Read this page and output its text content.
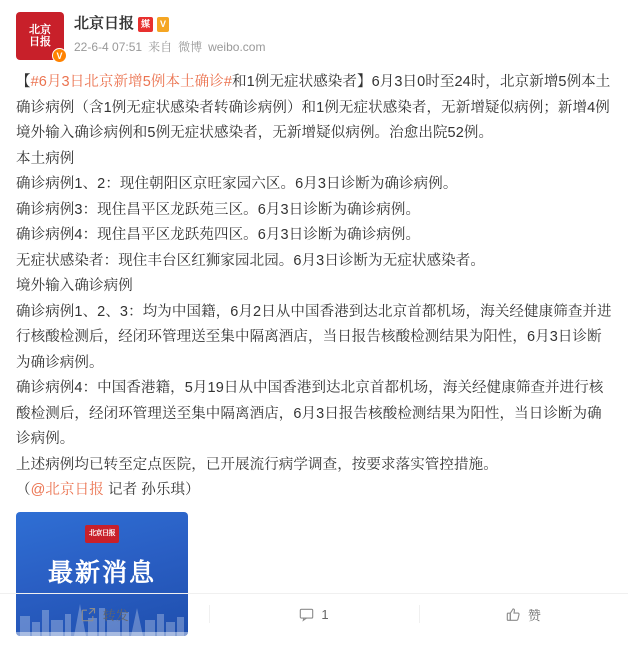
北京日报
V
北京日报 媒	V
22-6-4 07:51 来自 微博 weibo.com

【#6月3日北京新增5例本土确诊#和1例无症状感染者】6月3日0时至24时，北京新增5例本土确诊病例（含1例无症状感染者转确诊病例）和1例无症状感染者，无新增疑似病例；新增4例境外输入确诊病例和5例无症状感染者，无新增疑似病例。治愈出院52例。

本土病例

确诊病例1、2：现住朝阳区京旺家园六区。6月3日诊断为确诊病例。

确诊病例3：现住昌平区龙跃苑三区。6月3日诊断为确诊病例。

确诊病例4：现住昌平区龙跃苑四区。6月3日诊断为确诊病例。

无症状感染者：现住丰台区红狮家园北园。6月3日诊断为无症状感染者。

境外输入确诊病例

确诊病例1、2、3：均为中国籍，6月2日从中国香港到达北京首都机场，海关经健康筛查并进行核酸检测后，经闭环管理送至集中隔离酒店，当日报告核酸检测结果为阳性，6月3日诊断为确诊病例。

确诊病例4：中国香港籍，5月19日从中国香港到达北京首都机场，海关经健康筛查并进行核酸检测后，经闭环管理送至集中隔离酒店，6月3日报告核酸检测结果为阳性，当日诊断为确诊病例。

上述病例均已转至定点医院，已开展流行病学调查，按要求落实管控措施。

（@北京日报 记者 孙乐琪）

北京日报
最新消息
转发	1	赞
